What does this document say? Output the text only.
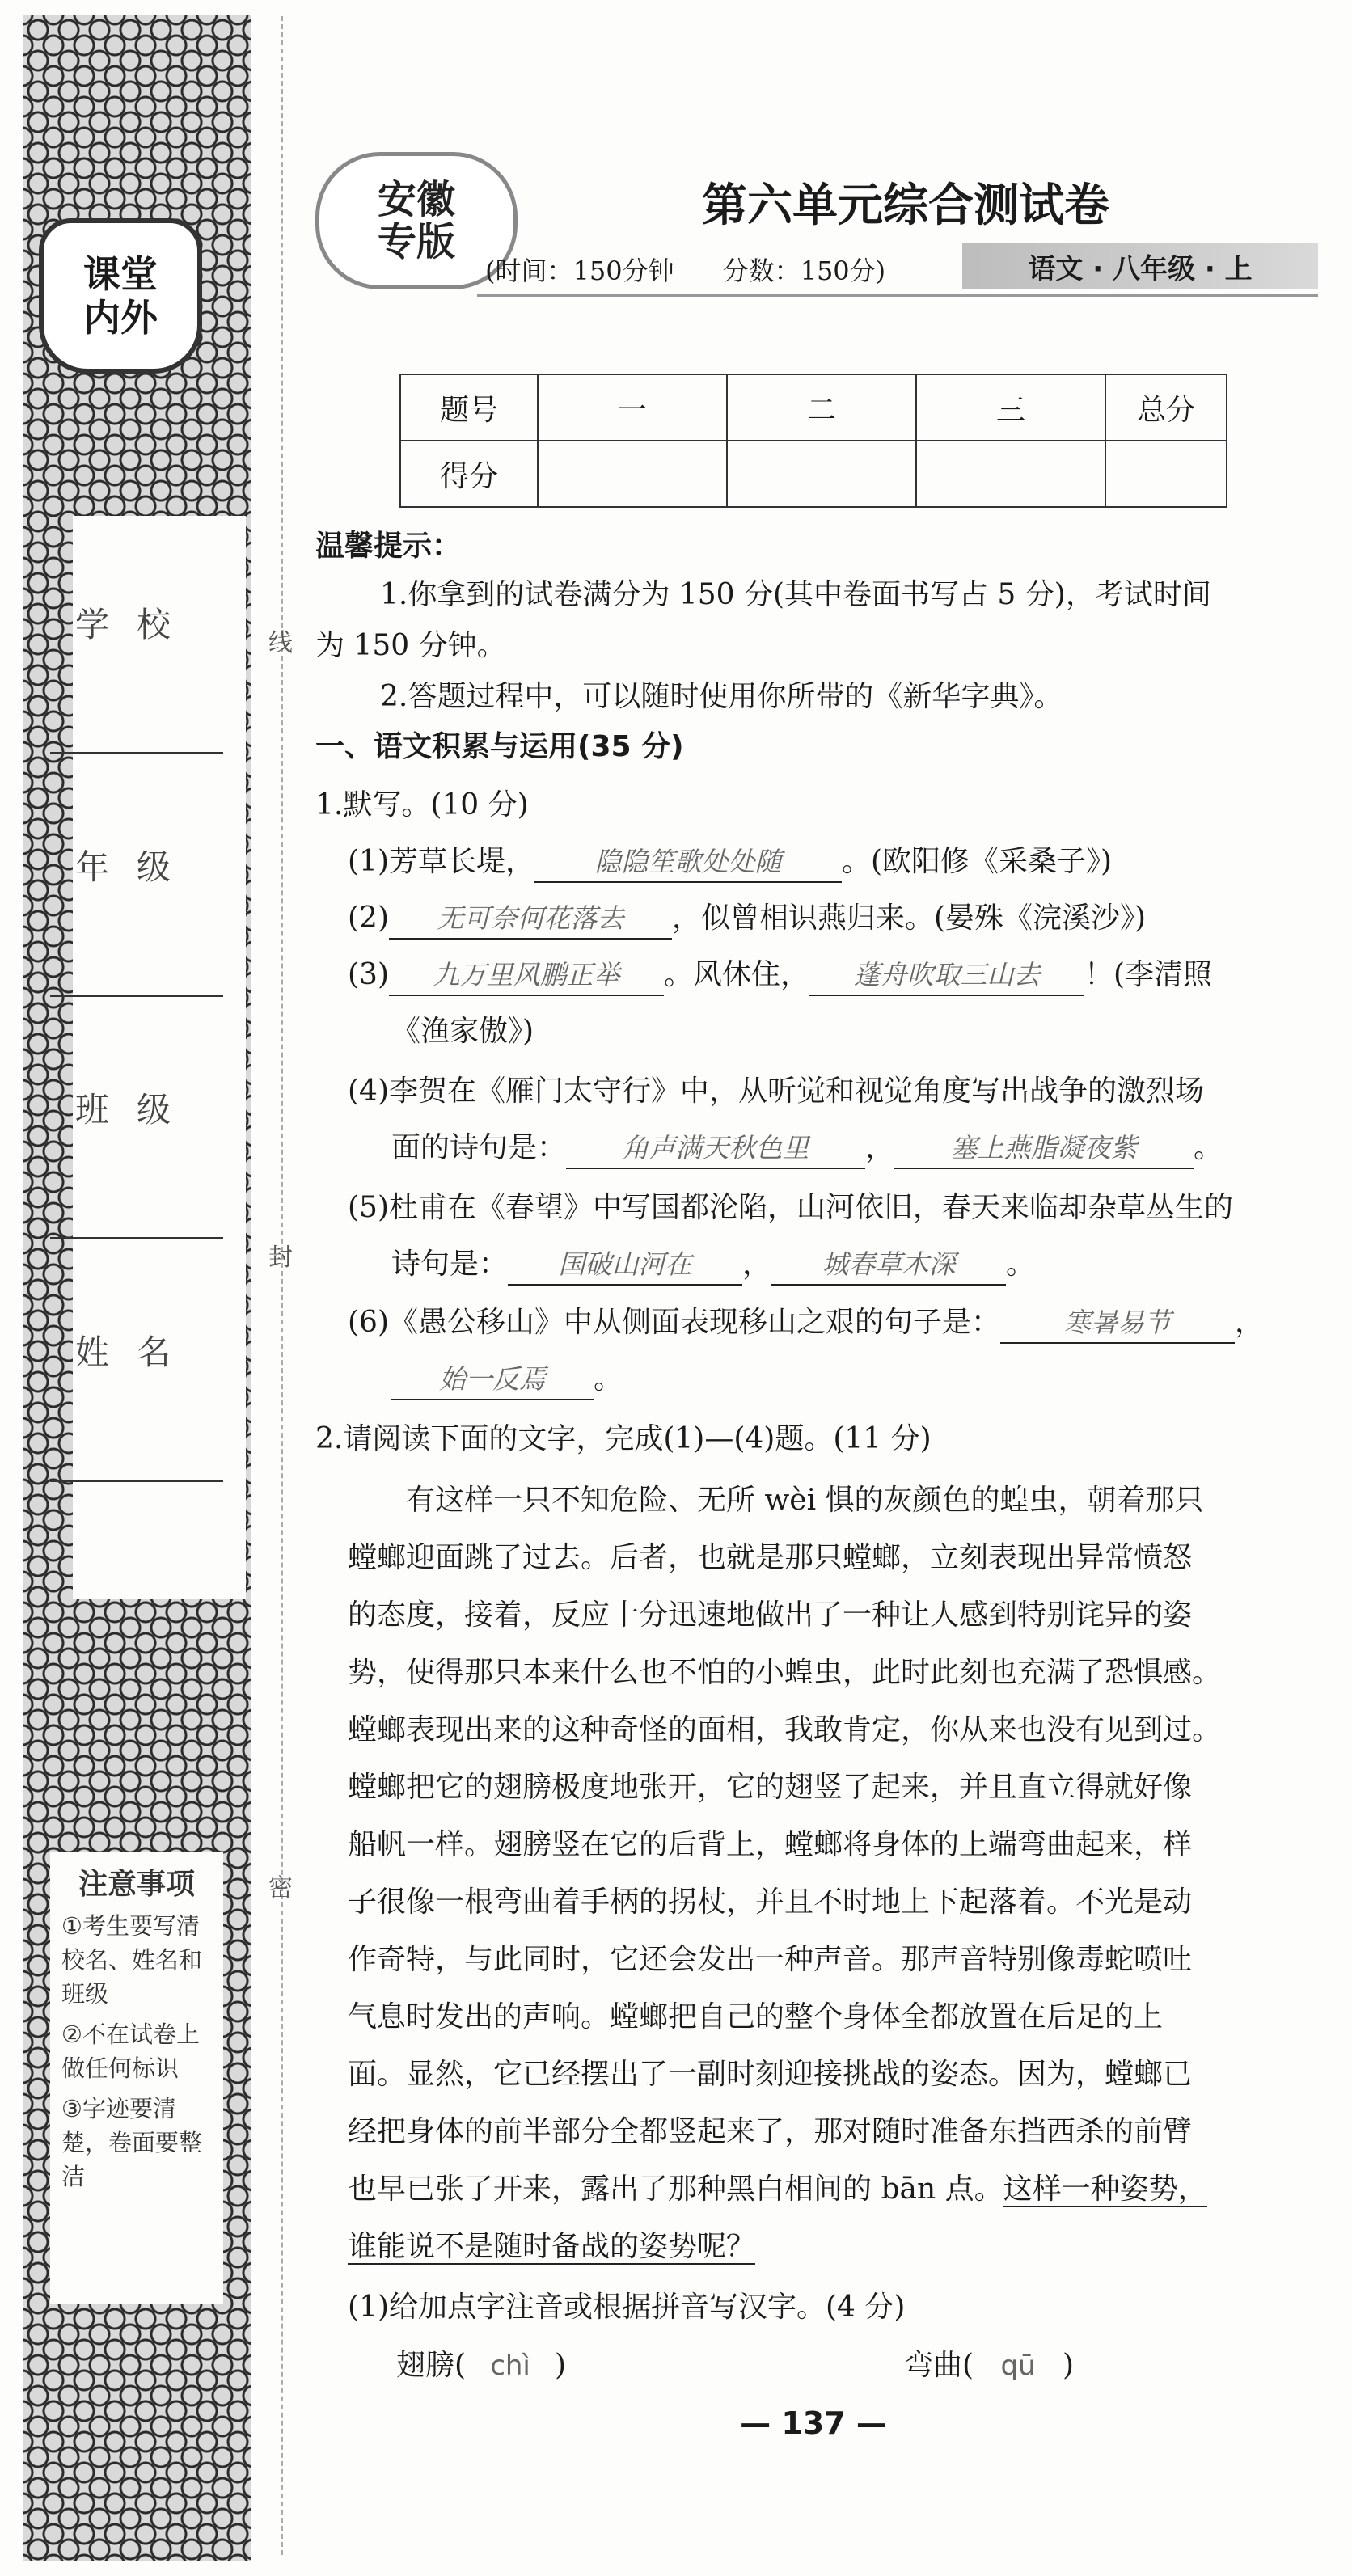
课堂
内外
学校
年级
班级
姓名
注意事项
①考生要写清校名、姓名和班级
②不在试卷上做任何标识
③字迹要清楚，卷面要整洁
线
封
密
安徽
专版
第六单元综合测试卷
(时间：150分钟 分数：150分)	语文 · 八年级 · 上
题号	一	二	三	总分
得分				
温馨提示：
1.你拿到的试卷满分为 150 分(其中卷面书写占 5 分)，考试时间
为 150 分钟。
2.答题过程中，可以随时使用你所带的《新华字典》。
一、语文积累与运用(35 分)
1.默写。(10 分)
(1)芳草长堤， 隐隐笙歌处处随 。(欧阳修《采桑子》)
(2) 无可奈何花落去 ，似曾相识燕归来。(晏殊《浣溪沙》)
(3) 九万里风鹏正举 。风休住， 蓬舟吹取三山去 ！(李清照
《渔家傲》)
(4)李贺在《雁门太守行》中，从听觉和视觉角度写出战争的激烈场
面的诗句是： 角声满天秋色里 ， 塞上燕脂凝夜紫 。
(5)杜甫在《春望》中写国都沦陷，山河依旧，春天来临却杂草丛生的
诗句是： 国破山河在 ， 城春草木深 。
(6)《愚公移山》中从侧面表现移山之艰的句子是： 寒暑易节 ，
始一反焉 。
2.请阅读下面的文字，完成(1)—(4)题。(11 分)
有这样一只不知危险、无所 wèi 惧的灰颜色的蝗虫，朝着那只
螳螂迎面跳了过去。后者，也就是那只螳螂，立刻表现出异常愤怒
的态度，接着，反应十分迅速地做出了一种让人感到特别诧异的姿
势，使得那只本来什么也不怕的小蝗虫，此时此刻也充满了恐惧感。
螳螂表现出来的这种奇怪的面相，我敢肯定，你从来也没有见到过。
螳螂把它的翅膀极度地张开，它的翅竖了起来，并且直立得就好像
船帆一样。翅膀竖在它的后背上，螳螂将身体的上端弯曲起来，样
子很像一根弯曲着手柄的拐杖，并且不时地上下起落着。不光是动
作奇特，与此同时，它还会发出一种声音。那声音特别像毒蛇喷吐
气息时发出的声响。螳螂把自己的整个身体全都放置在后足的上
面。显然，它已经摆出了一副时刻迎接挑战的姿态。因为，螳螂已
经把身体的前半部分全都竖起来了，那对随时准备东挡西杀的前臂
也早已张了开来，露出了那种黑白相间的 bān 点。这样一种姿势，
谁能说不是随时备战的姿势呢？
(1)给加点字注音或根据拼音写汉字。(4 分)
翅膀( chì )	弯曲( qū )
— 137 —
